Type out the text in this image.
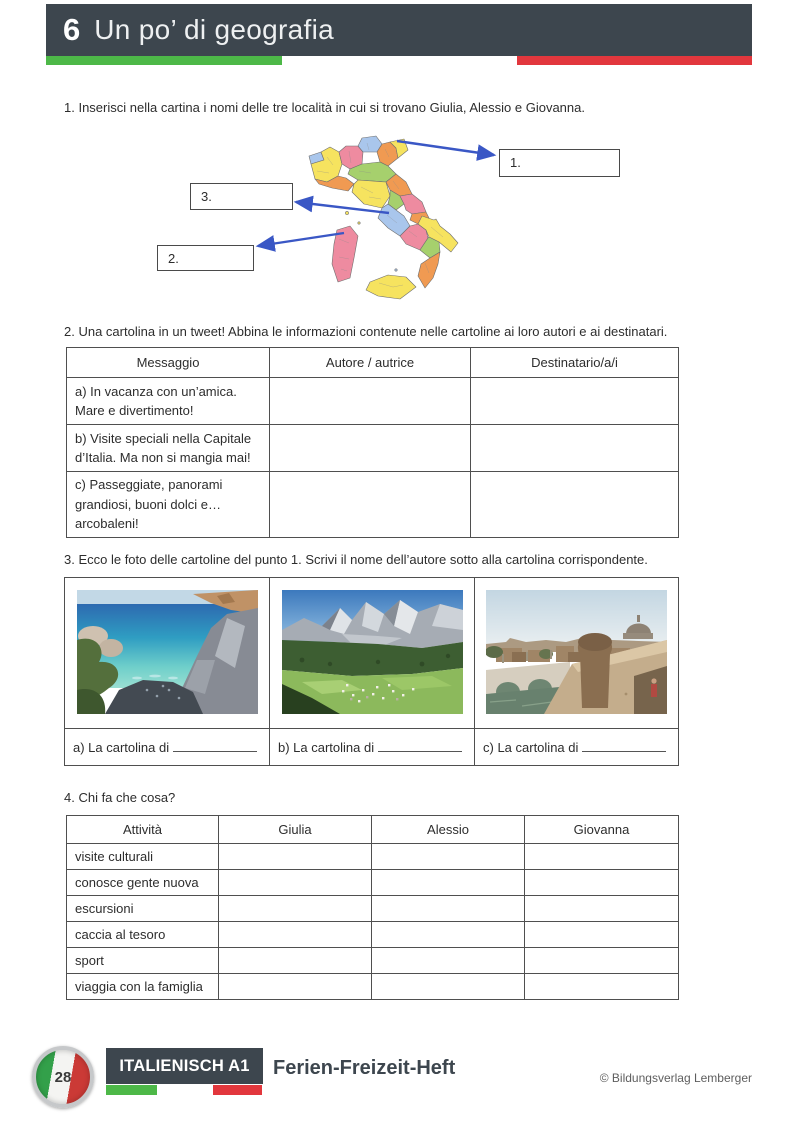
6 Un po’ di geografia

1. Inserisci nella cartina i nomi delle tre località in cui si trovano Giulia, Alessio e Giovanna.

1.
3.
2.

2. Una cartolina in un tweet! Abbina le informazioni contenute nelle cartoline ai loro autori e ai destinatari.

Messaggio	Autore / autrice	Destinatario/a/i
a) In vacanza con un’amica. Mare e divertimento!		
b) Visite speciali nella Capitale d’Italia. Ma non si mangia mai!		
c) Passeggiate, panorami grandiosi, buoni dolci e… arcobaleni!		

3. Ecco le foto delle cartoline del punto 1. Scrivi il nome dell’autore sotto alla cartolina corrispondente.

a) La cartolina di	b) La cartolina di	c) La cartolina di

4. Chi fa che cosa?

Attività	Giulia	Alessio	Giovanna
visite culturali			
conosce gente nuova			
escursioni			
caccia al tesoro			
sport			
viaggia con la famiglia			
28
ITALIENISCH A1 Ferien-Freizeit-Heft	© Bildungsverlag Lemberger
